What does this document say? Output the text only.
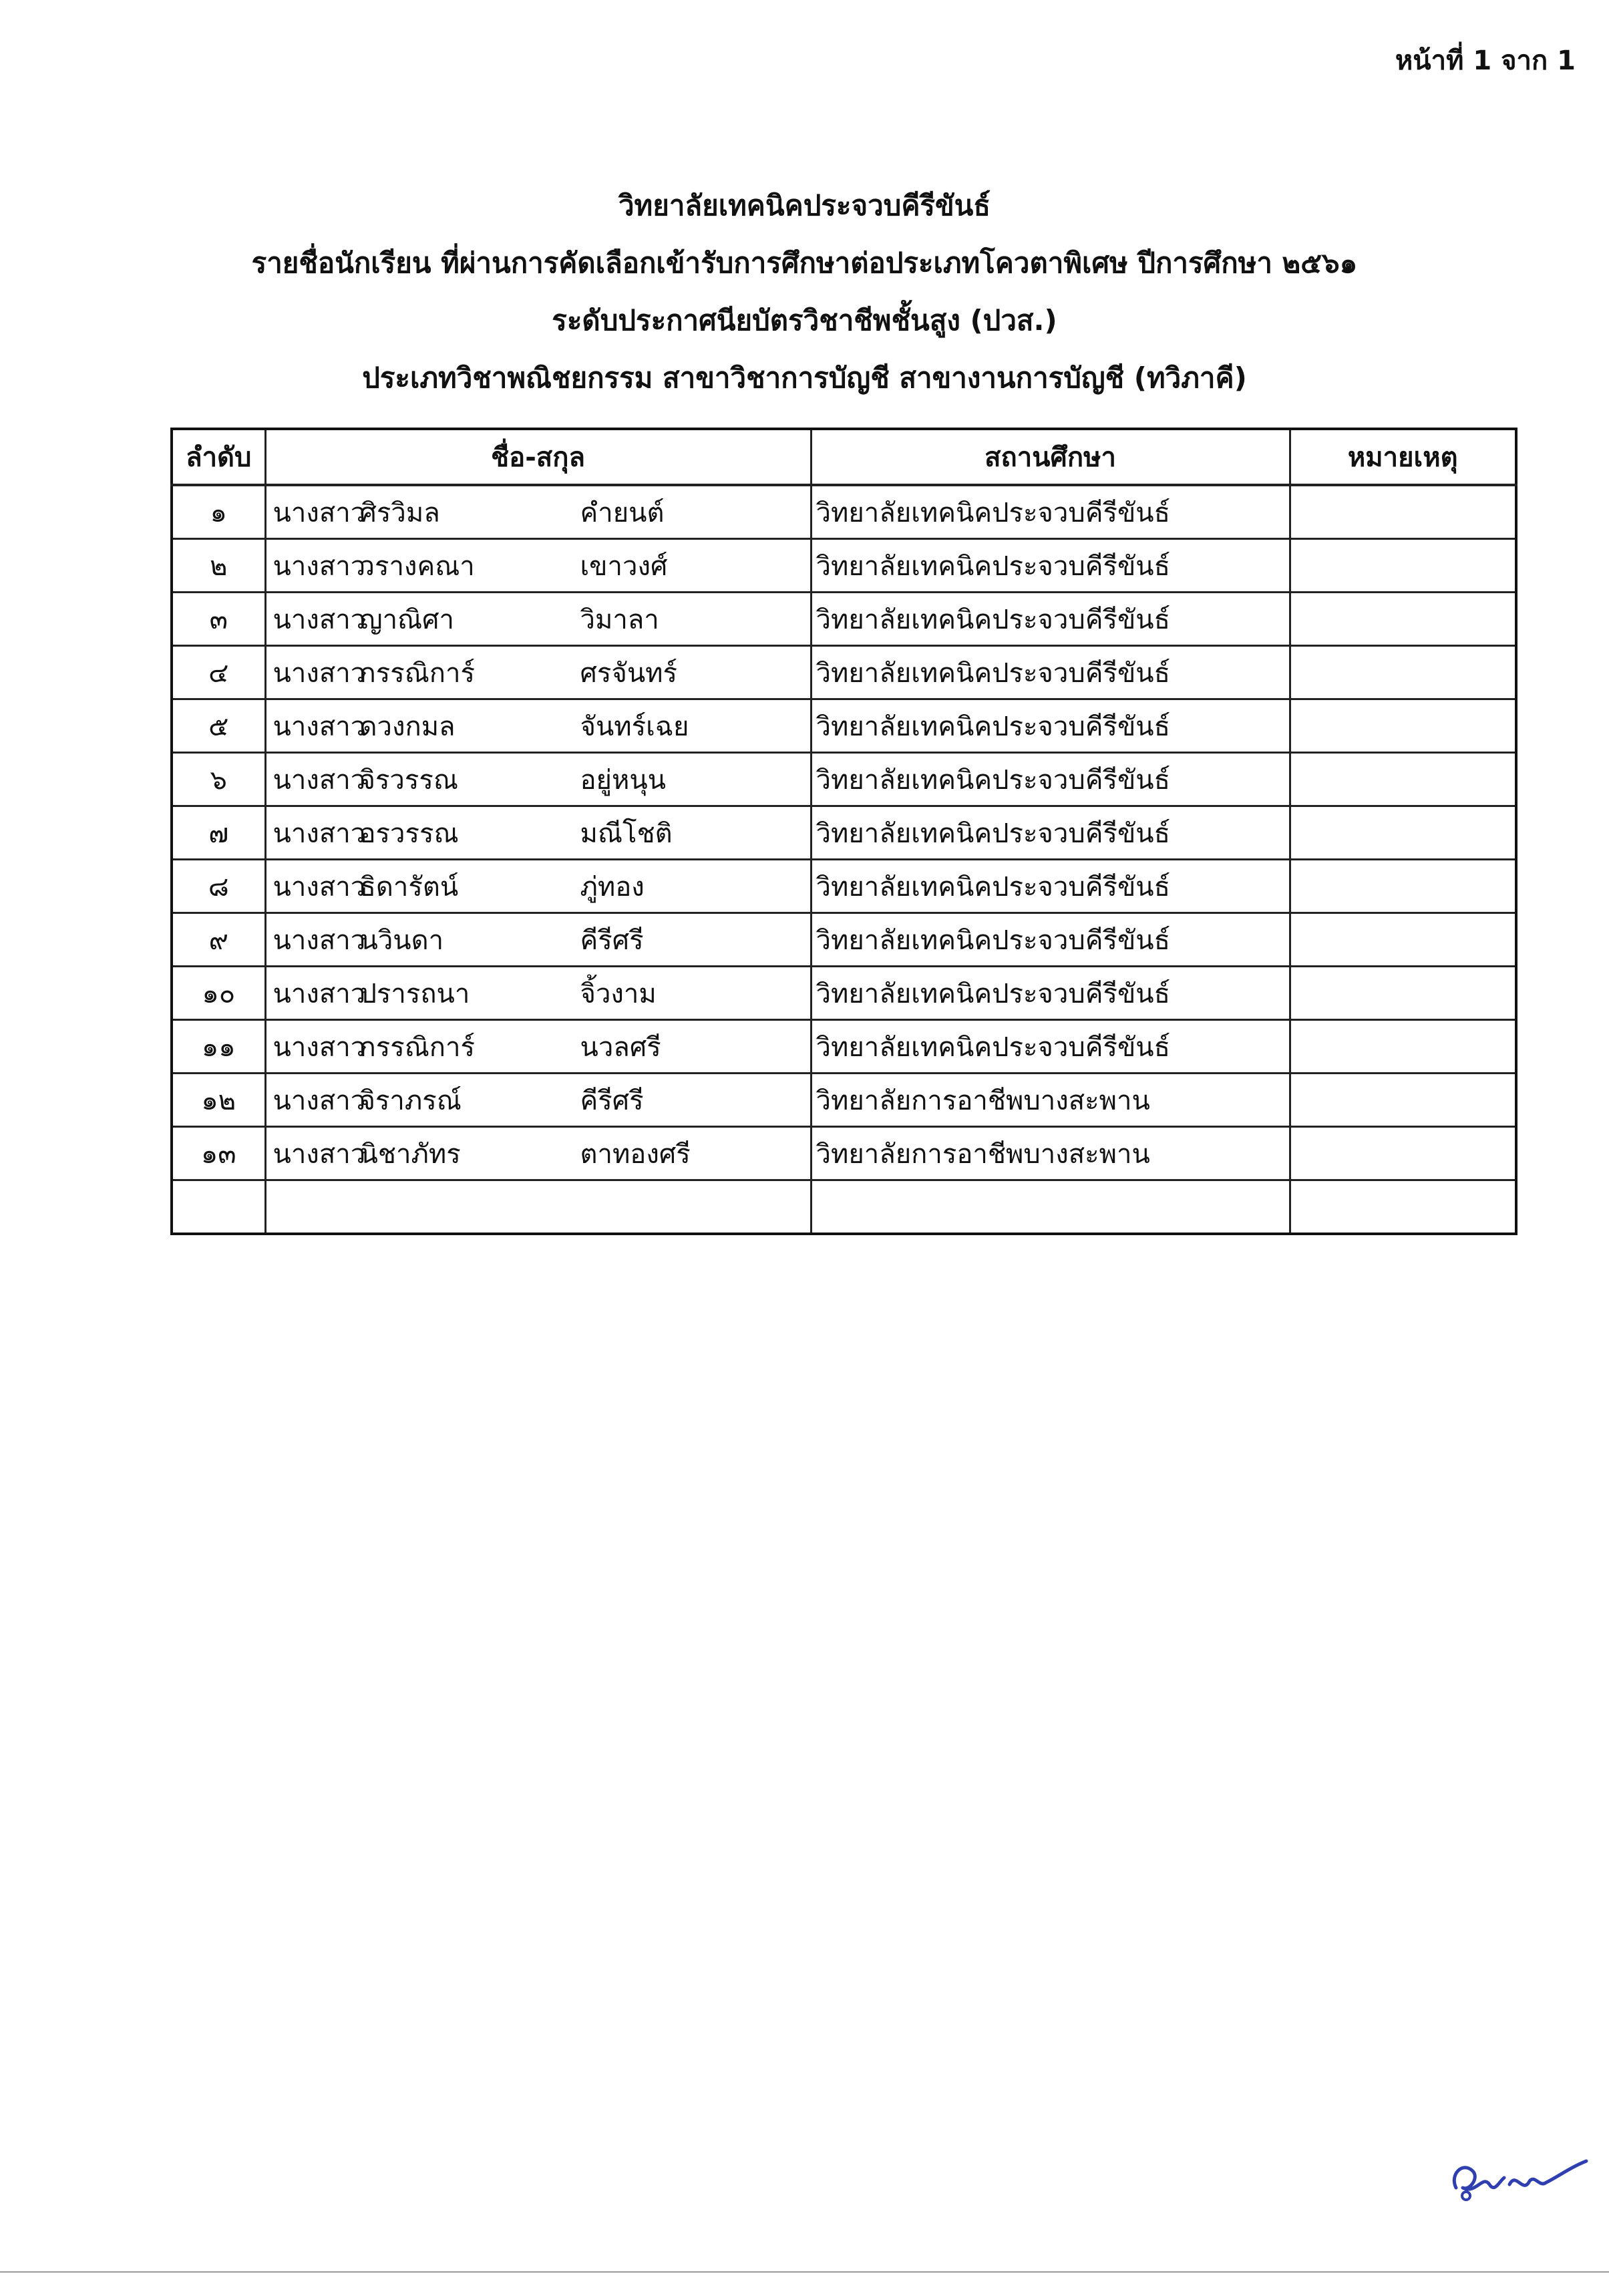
หน้าที่ 1 จาก 1
วิทยาลัยเทคนิคประจวบคีรีขันธ์
รายชื่อนักเรียน ที่ผ่านการคัดเลือกเข้ารับการศึกษาต่อประเภทโควตาพิเศษ ปีการศึกษา ๒๕๖๑
ระดับประกาศนียบัตรวิชาชีพชั้นสูง (ปวส.)
ประเภทวิชาพณิชยกรรม สาขาวิชาการบัญชี สาขางานการบัญชี (ทวิภาคี)
ลำดับ	ชื่อ-สกุล	สถานศึกษา	หมายเหตุ
๑	นางสาวศิรวิมล คำยนต์	วิทยาลัยเทคนิคประจวบคีรีขันธ์	
๒	นางสาววรางคณา เขาวงศ์	วิทยาลัยเทคนิคประจวบคีรีขันธ์	
๓	นางสาวญาณิศา วิมาลา	วิทยาลัยเทคนิคประจวบคีรีขันธ์	
๔	นางสาวกรรณิการ์ ศรจันทร์	วิทยาลัยเทคนิคประจวบคีรีขันธ์	
๕	นางสาวดวงกมล จันทร์เฉย	วิทยาลัยเทคนิคประจวบคีรีขันธ์	
๖	นางสาวจิรวรรณ อยู่หนุน	วิทยาลัยเทคนิคประจวบคีรีขันธ์	
๗	นางสาวอรวรรณ มณีโชติ	วิทยาลัยเทคนิคประจวบคีรีขันธ์	
๘	นางสาวธิดารัตน์ ภู่ทอง	วิทยาลัยเทคนิคประจวบคีรีขันธ์	
๙	นางสาวนวินดา คีรีศรี	วิทยาลัยเทคนิคประจวบคีรีขันธ์	
๑๐	นางสาวปรารถนา จิ้วงาม	วิทยาลัยเทคนิคประจวบคีรีขันธ์	
๑๑	นางสาวกรรณิการ์ นวลศรี	วิทยาลัยเทคนิคประจวบคีรีขันธ์	
๑๒	นางสาวจิราภรณ์ คีรีศรี	วิทยาลัยการอาชีพบางสะพาน	
๑๓	นางสาวนิชาภัทร ตาทองศรี	วิทยาลัยการอาชีพบางสะพาน	
